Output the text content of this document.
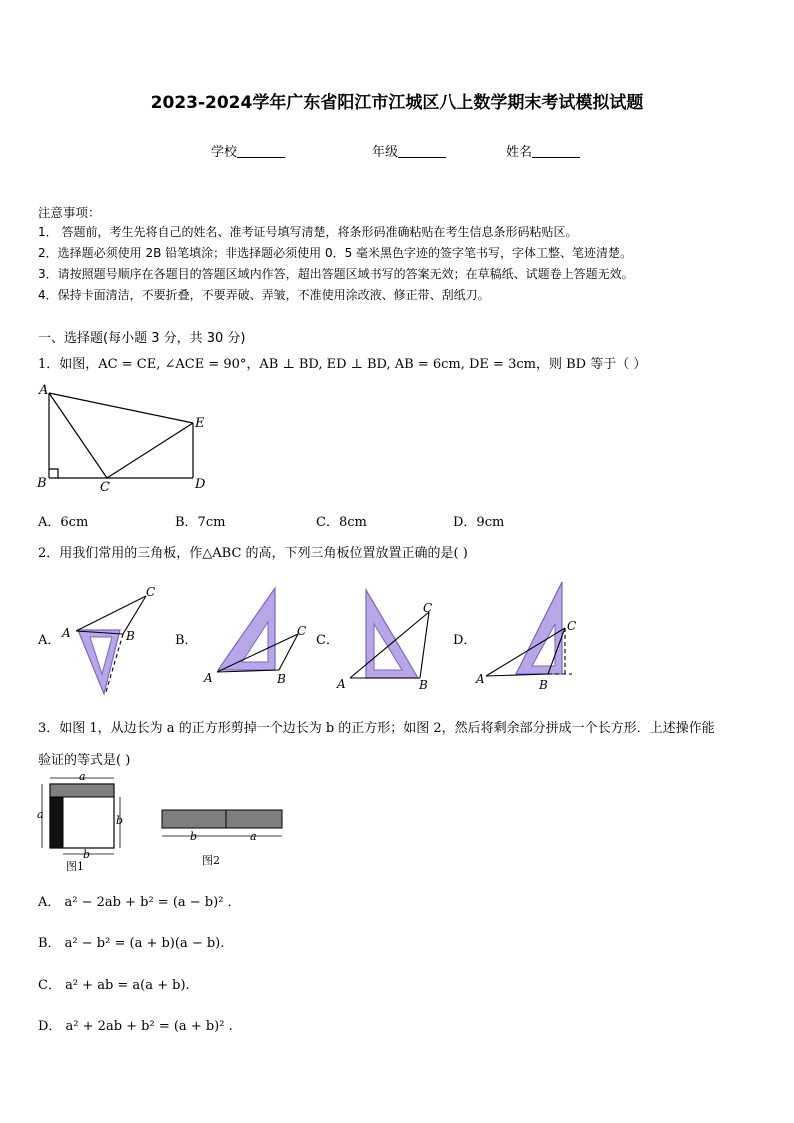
2023-2024学年广东省阳江市江城区八上数学期末考试模拟试题
学校	年级	姓名
注意事项：
1． 答题前，考生先将自己的姓名、准考证号填写清楚，将条形码准确粘贴在考生信息条形码粘贴区。
2．选择题必须使用 2B 铅笔填涂；非选择题必须使用 0．5 毫米黑色字迹的签字笔书写，字体工整、笔迹清楚。
3．请按照题号顺序在各题目的答题区域内作答，超出答题区域书写的答案无效；在草稿纸、试题卷上答题无效。
4．保持卡面清洁，不要折叠，不要弄破、弄皱，不准使用涂改液、修正带、刮纸刀。
一、选择题(每小题 3 分，共 30 分)
1．如图，AC = CE, ∠ACE = 90°，AB ⊥ BD, ED ⊥ BD, AB = 6cm, DE = 3cm，则 BD 等于（ ）
A
B	C	D
E
A．6cm	B．7cm	C．8cm	D．9cm
2．用我们常用的三角板，作△ABC 的高，下列三角板位置放置正确的是( )
A．	B．	C．	D．
A	B
C
A	B
C
A	B
C
A	B
C
3．如图 1，从边长为 a 的正方形剪掉一个边长为 b 的正方形；如图 2，然后将剩余部分拼成一个长方形．上述操作能
验证的等式是( )
a
a	b
b
图1
b	a
图2
A． a² − 2ab + b² = (a − b)² ．
B． a² − b² = (a + b)(a − b).
C． a² + ab = a(a + b).
D． a² + 2ab + b² = (a + b)² .
